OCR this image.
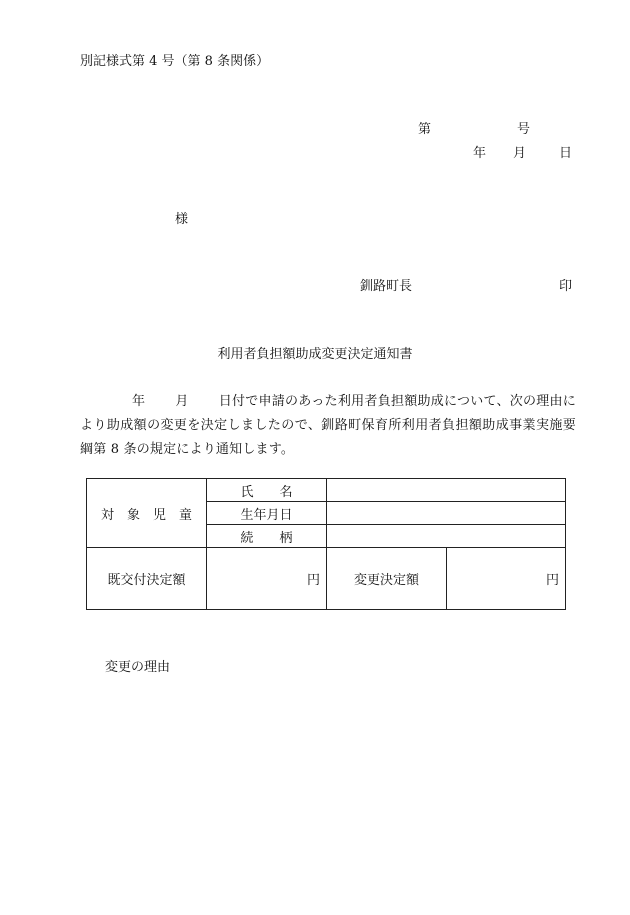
別記様式第 4 号（第 8 条関係）
第	号
年 月	日
様
釧路町長	印
利用者負担額助成変更決定通知書
年 月 日付で申請のあった利用者負担額助成について、次の理由により助成額の変更を決定しましたので、釧路町保育所利用者負担額助成事業実施要綱第 8 条の規定により通知します。
対　象　児　童	氏　　名		
	生年月日		
	続　　柄		
既交付決定額	円	変更決定額	円
変更の理由
